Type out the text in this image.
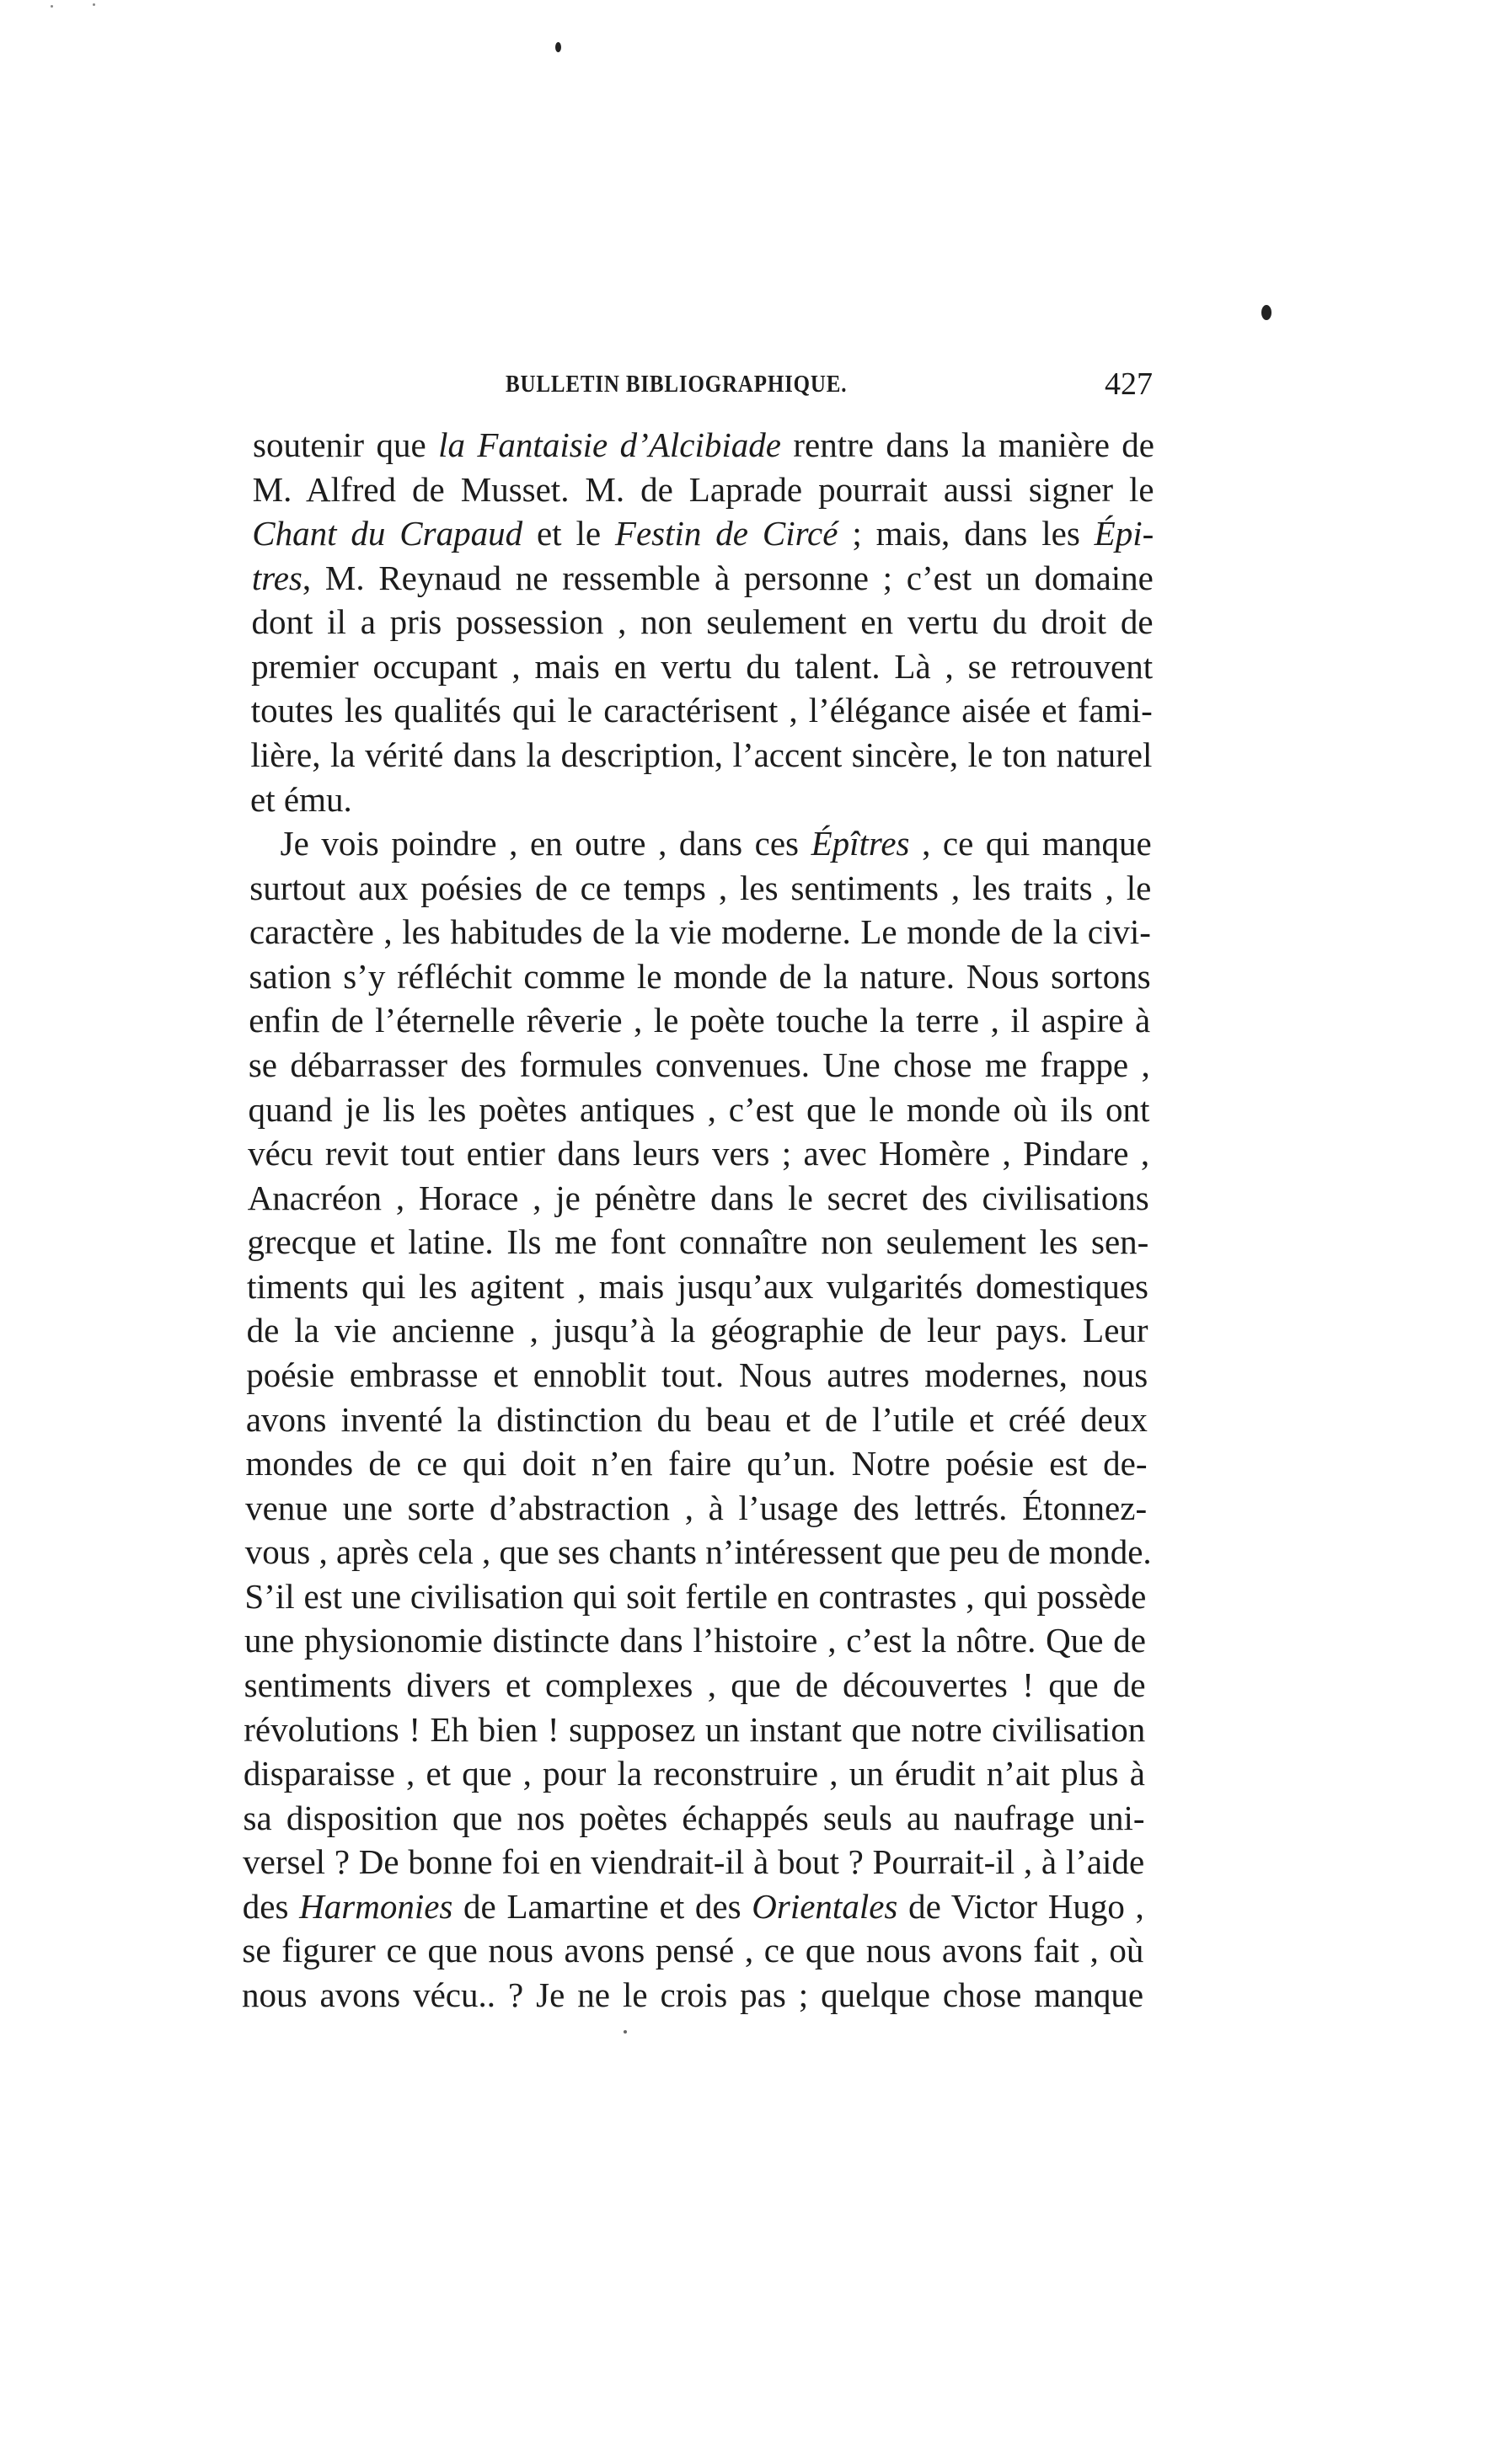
BULLETIN BIBLIOGRAPHIQUE.	427
soutenir que la Fantaisie d’Alcibiade rentre dans la manière de
M. Alfred de Musset. M. de Laprade pourrait aussi signer le
Chant du Crapaud et le Festin de Circé ; mais, dans les Épi-
tres, M. Reynaud ne ressemble à personne ; c’est un domaine
dont il a pris possession , non seulement en vertu du droit de
premier occupant , mais en vertu du talent. Là , se retrouvent
toutes les qualités qui le caractérisent , l’élégance aisée et fami-
lière, la vérité dans la description, l’accent sincère, le ton naturel
et ému.
Je vois poindre , en outre , dans ces Épîtres , ce qui manque
surtout aux poésies de ce temps , les sentiments , les traits , le
caractère , les habitudes de la vie moderne. Le monde de la civi-
sation s’y réfléchit comme le monde de la nature. Nous sortons
enfin de l’éternelle rêverie , le poète touche la terre , il aspire à
se débarrasser des formules convenues. Une chose me frappe ,
quand je lis les poètes antiques , c’est que le monde où ils ont
vécu revit tout entier dans leurs vers ; avec Homère , Pindare ,
Anacréon , Horace , je pénètre dans le secret des civilisations
grecque et latine. Ils me font connaître non seulement les sen-
timents qui les agitent , mais jusqu’aux vulgarités domestiques
de la vie ancienne , jusqu’à la géographie de leur pays. Leur
poésie embrasse et ennoblit tout. Nous autres modernes, nous
avons inventé la distinction du beau et de l’utile et créé deux
mondes de ce qui doit n’en faire qu’un. Notre poésie est de-
venue une sorte d’abstraction , à l’usage des lettrés. Étonnez-
vous , après cela , que ses chants n’intéressent que peu de monde.
S’il est une civilisation qui soit fertile en contrastes , qui possède
une physionomie distincte dans l’histoire , c’est la nôtre. Que de
sentiments divers et complexes , que de découvertes ! que de
révolutions ! Eh bien ! supposez un instant que notre civilisation
disparaisse , et que , pour la reconstruire , un érudit n’ait plus à
sa disposition que nos poètes échappés seuls au naufrage uni-
versel ? De bonne foi en viendrait-il à bout ? Pourrait-il , à l’aide
des Harmonies de Lamartine et des Orientales de Victor Hugo ,
se figurer ce que nous avons pensé , ce que nous avons fait , où
nous avons vécu.. ? Je ne le crois pas ; quelque chose manque
